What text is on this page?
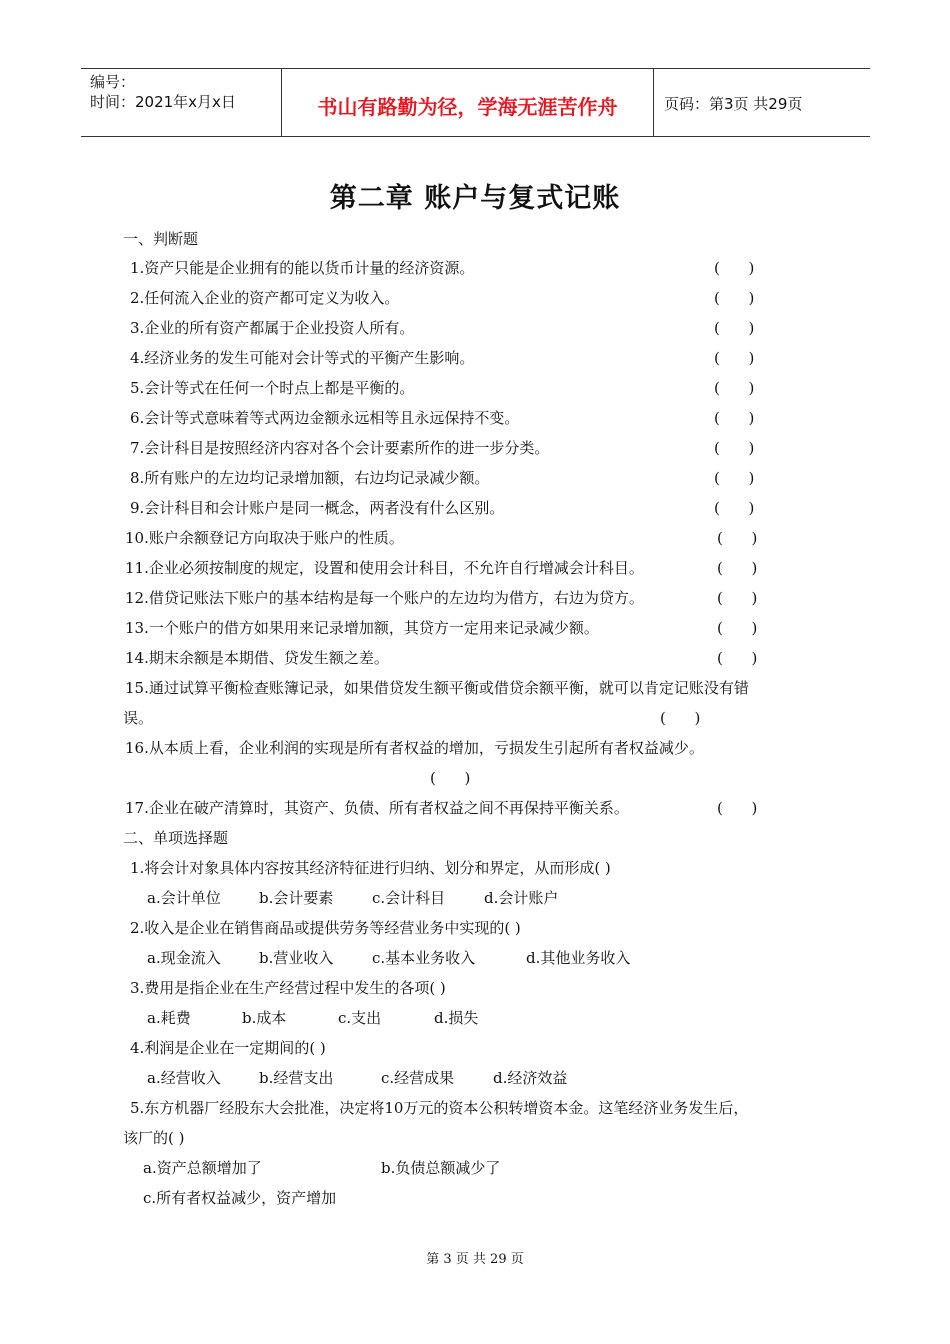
编号：
时间：2021年x月x日	书山有路勤为径，学海无涯苦作舟	页码：第3页 共29页
第二章 账户与复式记账
一、判断题
1.资产只能是企业拥有的能以货币计量的经济资源。	(      )
2.任何流入企业的资产都可定义为收入。	(      )
3.企业的所有资产都属于企业投资人所有。	(      )
4.经济业务的发生可能对会计等式的平衡产生影响。	(      )
5.会计等式在任何一个时点上都是平衡的。	(      )
6.会计等式意味着等式两边金额永远相等且永远保持不变。	(      )
7.会计科目是按照经济内容对各个会计要素所作的进一步分类。	(      )
8.所有账户的左边均记录增加额，右边均记录减少额。	(      )
9.会计科目和会计账户是同一概念，两者没有什么区别。	(      )
10.账户余额登记方向取决于账户的性质。	(      )
11.企业必须按制度的规定，设置和使用会计科目，不允许自行增减会计科目。	(      )
12.借贷记账法下账户的基本结构是每一个账户的左边均为借方，右边为贷方。	(      )
13.一个账户的借方如果用来记录增加额，其贷方一定用来记录减少额。	(      )
14.期末余额是本期借、贷发生额之差。	(      )
15.通过试算平衡检查账簿记录，如果借贷发生额平衡或借贷余额平衡，就可以肯定记账没有错
误。	(      )
16.从本质上看，企业利润的实现是所有者权益的增加，亏损发生引起所有者权益减少。
(      )
17.企业在破产清算时，其资产、负债、所有者权益之间不再保持平衡关系。	(      )
二、单项选择题
1.将会计对象具体内容按其经济特征进行归纳、划分和界定，从而形成( )
a.会计单位	b.会计要素	c.会计科目	d.会计账户
2.收入是企业在销售商品或提供劳务等经营业务中实现的( )
a.现金流入	b.营业收入	c.基本业务收入	d.其他业务收入
3.费用是指企业在生产经营过程中发生的各项( )
a.耗费	b.成本	c.支出	d.损失
4.利润是企业在一定期间的( )
a.经营收入	b.经营支出	c.经营成果	d.经济效益
5.东方机器厂经股东大会批准，决定将10万元的资本公积转增资本金。这笔经济业务发生后，
该厂的( )
a.资产总额增加了	b.负债总额减少了
c.所有者权益减少，资产增加
第 3 页 共 29 页
